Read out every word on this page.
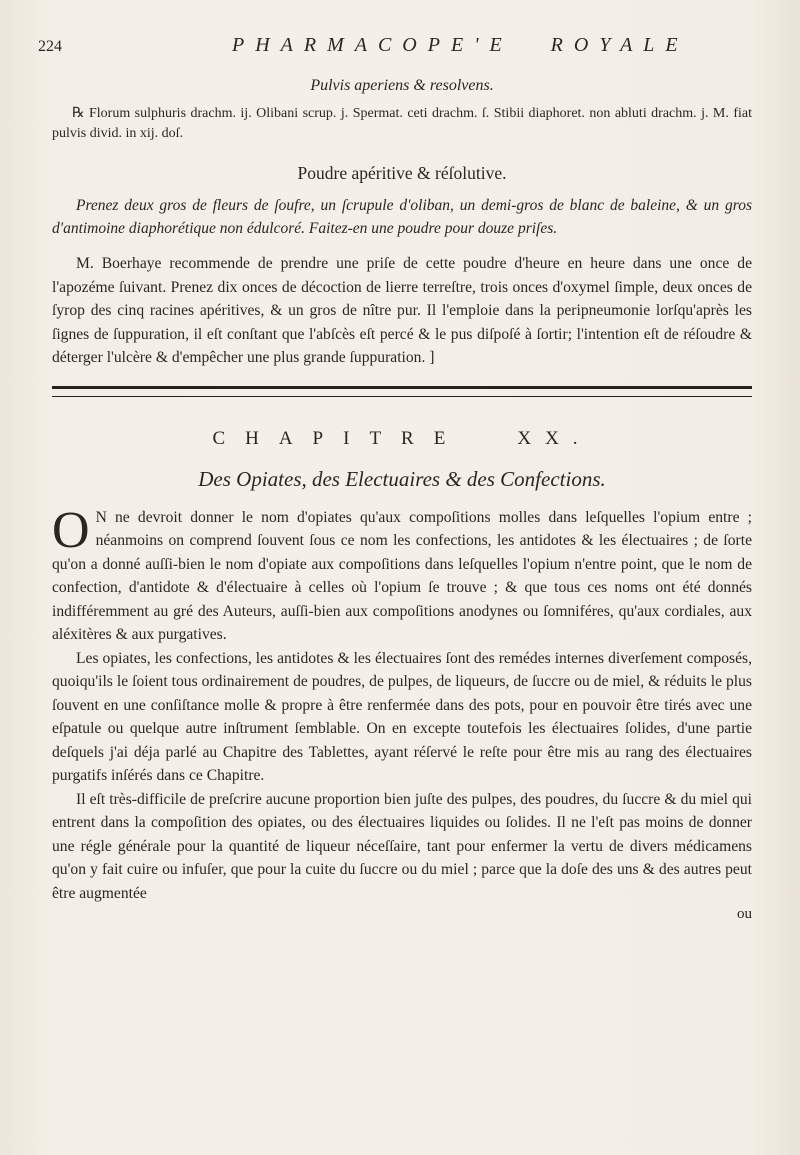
224	PHARMACOPE'E ROYALE

Pulvis aperiens & resolvens.

℞ Florum sulphuris drachm. ij. Olibani scrup. j. Spermat. ceti drachm. ſ. Stibii diaphoret. non abluti drachm. j. M. fiat pulvis divid. in xij. doſ.

Poudre apéritive & réſolutive.

Prenez deux gros de fleurs de ſoufre, un ſcrupule d'oliban, un demi-gros de blanc de baleine, & un gros d'antimoine diaphorétique non édulcoré. Faitez-en une poudre pour douze priſes.

M. Boerhaye recommende de prendre une priſe de cette poudre d'heure en heure dans une once de l'apozéme ſuivant. Prenez dix onces de décoction de lierre terreſtre, trois onces d'oxymel ſimple, deux onces de ſyrop des cinq racines apéritives, & un gros de nître pur. Il l'emploie dans la peripneumonie lorſqu'après les ſignes de ſuppuration, il eſt conſtant que l'abſcès eſt percé & le pus diſpoſé à ſortir; l'intention eſt de réſoudre & déterger l'ulcère & d'empêcher une plus grande ſuppuration. ]

CHAPITRE	XX.

Des Opiates, des Electuaires & des Confections.

O N ne devroit donner le nom d'opiates qu'aux compoſitions molles dans leſquelles l'opium entre ; néanmoins on comprend ſouvent ſous ce nom les confections, les antidotes & les électuaires ; de ſorte qu'on a donné auſſi-bien le nom d'opiate aux compoſitions dans leſquelles l'opium n'entre point, que le nom de confection, d'antidote & d'électuaire à celles où l'opium ſe trouve ; & que tous ces noms ont été donnés indifféremment au gré des Auteurs, auſſi-bien aux compoſitions anodynes ou ſomniféres, qu'aux cordiales, aux aléxitères & aux purgatives.

Les opiates, les confections, les antidotes & les électuaires ſont des remédes internes diverſement composés, quoiqu'ils le ſoient tous ordinairement de poudres, de pulpes, de liqueurs, de ſuccre ou de miel, & réduits le plus ſouvent en une conſiſtance molle & propre à être renfermée dans des pots, pour en pouvoir être tirés avec une eſpatule ou quelque autre inſtrument ſemblable. On en excepte toutefois les électuaires ſolides, d'une partie deſquels j'ai déja parlé au Chapitre des Tablettes, ayant réſervé le reſte pour être mis au rang des électuaires purgatifs inſérés dans ce Chapitre.

Il eſt très-difficile de preſcrire aucune proportion bien juſte des pulpes, des poudres, du ſuccre & du miel qui entrent dans la compoſition des opiates, ou des électuaires liquides ou ſolides. Il ne l'eſt pas moins de donner une régle générale pour la quantité de liqueur néceſſaire, tant pour enfermer la vertu de divers médicamens qu'on y fait cuire ou infuſer, que pour la cuite du ſuccre ou du miel ; parce que la doſe des uns & des autres peut être augmentée

ou
